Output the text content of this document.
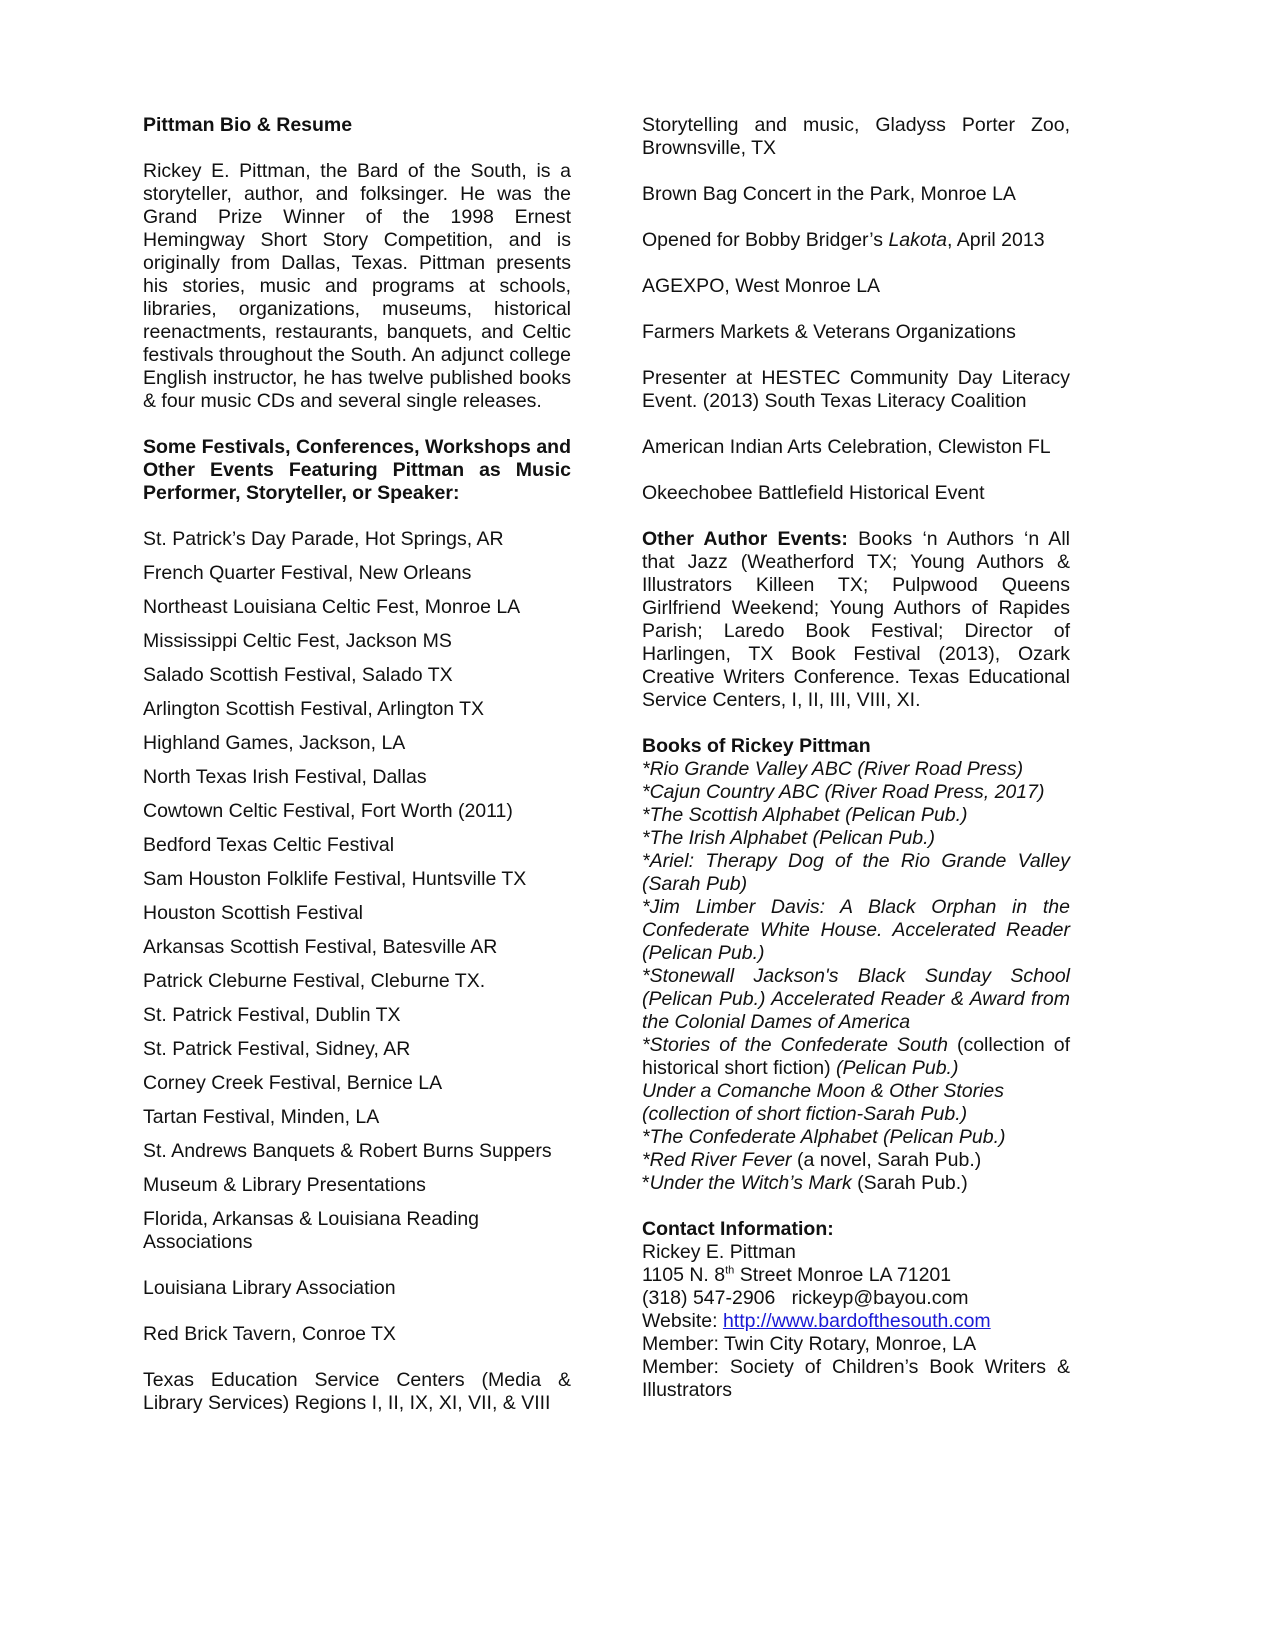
Pittman Bio & Resume

Rickey E. Pittman, the Bard of the South, is a storyteller, author, and folksinger. He was the Grand Prize Winner of the 1998 Ernest Hemingway Short Story Competition, and is originally from Dallas, Texas. Pittman presents his stories, music and programs at schools, libraries, organizations, museums, historical reenactments, restaurants, banquets, and Celtic festivals throughout the South. An adjunct college English instructor, he has twelve published books & four music CDs and several single releases.

Some Festivals, Conferences, Workshops and Other Events Featuring Pittman as Music Performer, Storyteller, or Speaker:

St. Patrick’s Day Parade, Hot Springs, AR

French Quarter Festival, New Orleans

Northeast Louisiana Celtic Fest, Monroe LA

Mississippi Celtic Fest, Jackson MS

Salado Scottish Festival, Salado TX

Arlington Scottish Festival, Arlington TX

Highland Games, Jackson, LA

North Texas Irish Festival, Dallas

Cowtown Celtic Festival, Fort Worth (2011)

Bedford Texas Celtic Festival

Sam Houston Folklife Festival, Huntsville TX

Houston Scottish Festival

Arkansas Scottish Festival, Batesville AR

Patrick Cleburne Festival, Cleburne TX.

St. Patrick Festival, Dublin TX

St. Patrick Festival, Sidney, AR

Corney Creek Festival, Bernice LA

Tartan Festival, Minden, LA

St. Andrews Banquets & Robert Burns Suppers

Museum & Library Presentations

Florida, Arkansas & Louisiana Reading Associations

Louisiana Library Association

Red Brick Tavern, Conroe TX

Texas Education Service Centers (Media & Library Services) Regions I, II, IX, XI, VII, & VIII

Storytelling and music, Gladyss Porter Zoo, Brownsville, TX

Brown Bag Concert in the Park, Monroe LA

Opened for Bobby Bridger’s Lakota, April 2013

AGEXPO, West Monroe LA

Farmers Markets & Veterans Organizations

Presenter at HESTEC Community Day Literacy Event. (2013) South Texas Literacy Coalition

American Indian Arts Celebration, Clewiston FL

Okeechobee Battlefield Historical Event

Other Author Events: Books ‘n Authors ‘n All that Jazz (Weatherford TX; Young Authors & Illustrators Killeen TX; Pulpwood Queens Girlfriend Weekend; Young Authors of Rapides Parish; Laredo Book Festival; Director of Harlingen, TX Book Festival (2013), Ozark Creative Writers Conference. Texas Educational Service Centers, I, II, III, VIII, XI.

Books of Rickey Pittman

*Rio Grande Valley ABC (River Road Press)

*Cajun Country ABC (River Road Press, 2017)

*The Scottish Alphabet (Pelican Pub.)

*The Irish Alphabet (Pelican Pub.)

*Ariel: Therapy Dog of the Rio Grande Valley (Sarah Pub)

*Jim Limber Davis: A Black Orphan in the Confederate White House. Accelerated Reader (Pelican Pub.)

*Stonewall Jackson's Black Sunday School (Pelican Pub.) Accelerated Reader & Award from the Colonial Dames of America

*Stories of the Confederate South (collection of historical short fiction) (Pelican Pub.)

Under a Comanche Moon & Other Stories (collection of short fiction-Sarah Pub.)

*The Confederate Alphabet (Pelican Pub.)

*Red River Fever (a novel, Sarah Pub.)

*Under the Witch’s Mark (Sarah Pub.)

Contact Information:

Rickey E. Pittman

1105 N. 8th Street Monroe LA 71201

(318) 547-2906   rickeyp@bayou.com

Website: http://www.bardofthesouth.com

Member: Twin City Rotary, Monroe, LA

Member: Society of Children’s Book Writers & Illustrators
